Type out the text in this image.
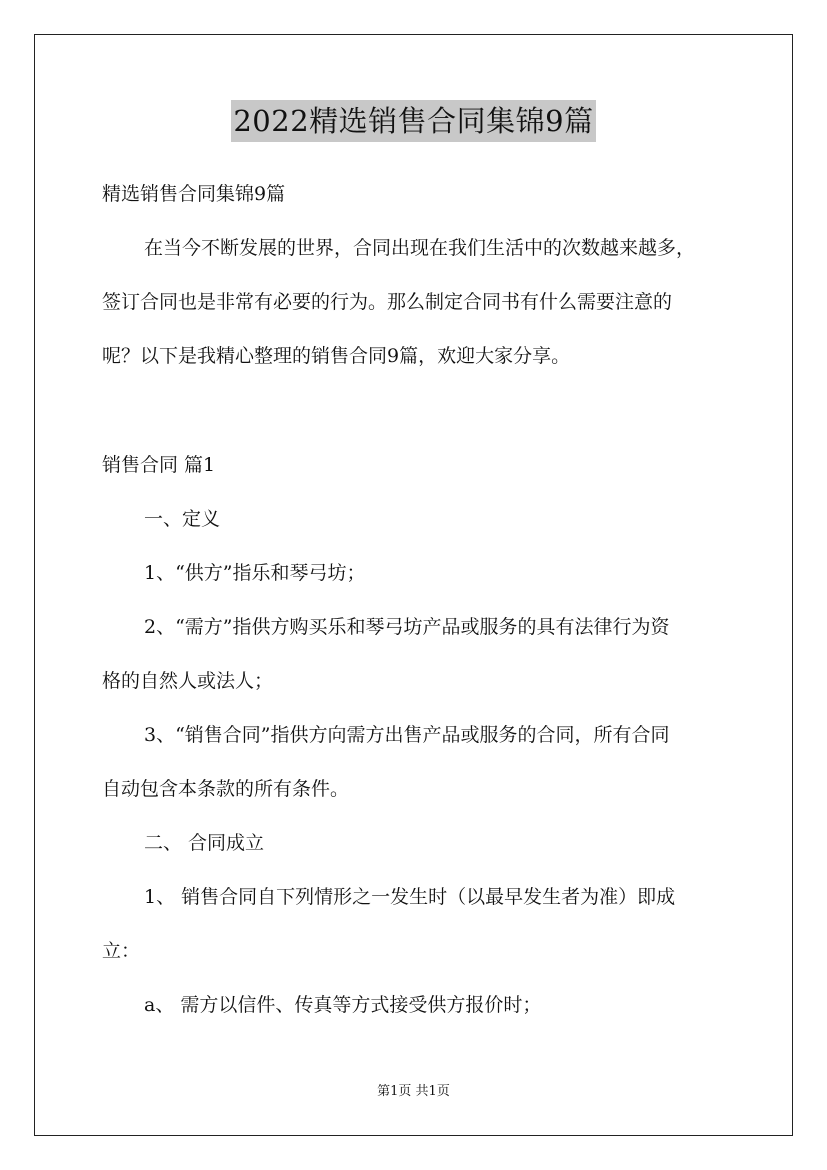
2022精选销售合同集锦9篇
精选销售合同集锦9篇
在当今不断发展的世界，合同出现在我们生活中的次数越来越多，
签订合同也是非常有必要的行为。那么制定合同书有什么需要注意的
呢？以下是我精心整理的销售合同9篇，欢迎大家分享。
销售合同 篇1
一、定义
1、“供方”指乐和琴弓坊；
2、“需方”指供方购买乐和琴弓坊产品或服务的具有法律行为资
格的自然人或法人；
3、“销售合同”指供方向需方出售产品或服务的合同，所有合同
自动包含本条款的所有条件。
二、 合同成立
1、 销售合同自下列情形之一发生时（以最早发生者为准）即成
立：
a、 需方以信件、传真等方式接受供方报价时；
第1页 共1页
